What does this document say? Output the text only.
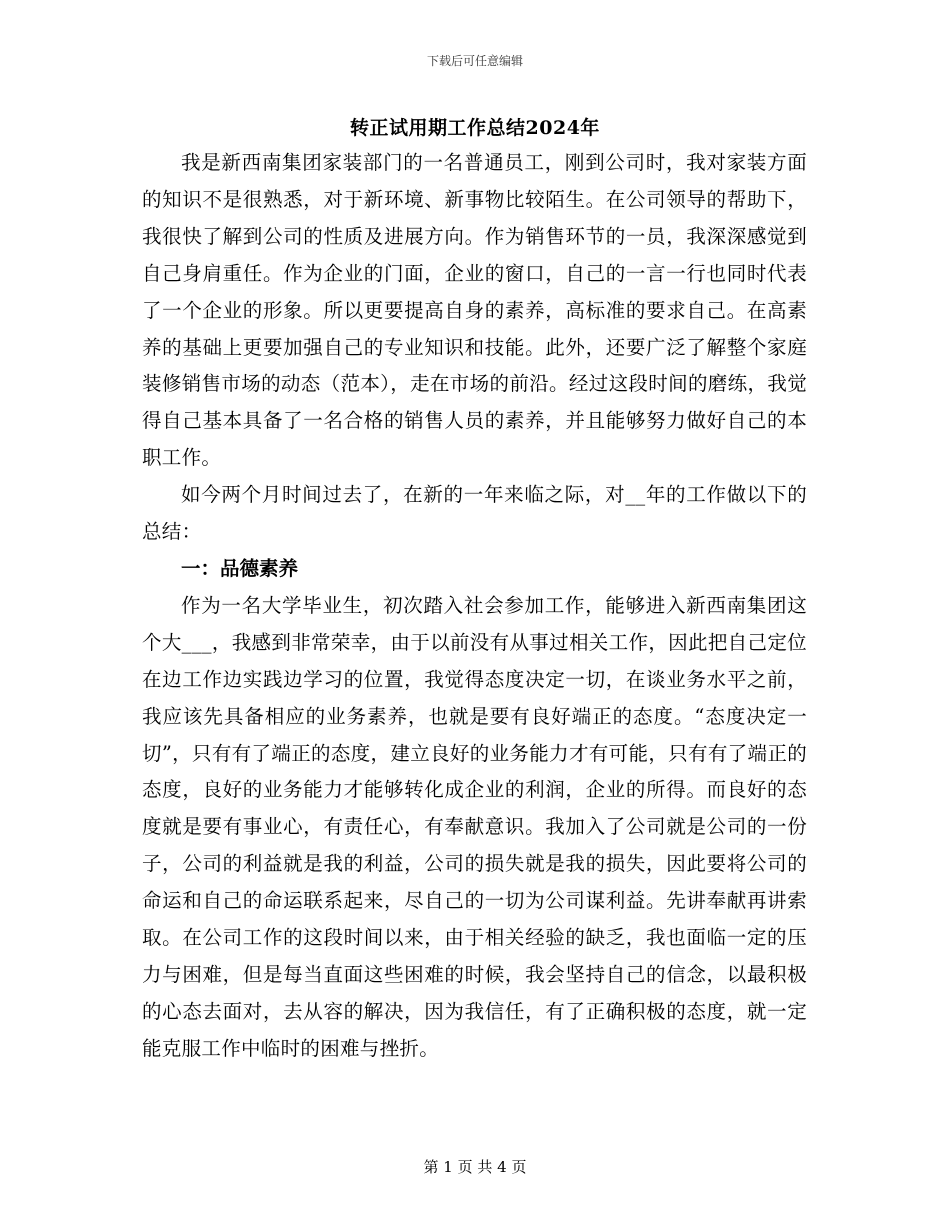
下载后可任意编辑
转正试用期工作总结2024年

我是新西南集团家装部门的一名普通员工，刚到公司时，我对家装方面的知识不是很熟悉，对于新环境、新事物比较陌生。在公司领导的帮助下，我很快了解到公司的性质及进展方向。作为销售环节的一员，我深深感觉到自己身肩重任。作为企业的门面，企业的窗口，自己的一言一行也同时代表了一个企业的形象。所以更要提高自身的素养，高标准的要求自己。在高素养的基础上更要加强自己的专业知识和技能。此外，还要广泛了解整个家庭装修销售市场的动态（范本），走在市场的前沿。经过这段时间的磨练，我觉得自己基本具备了一名合格的销售人员的素养，并且能够努力做好自己的本职工作。

如今两个月时间过去了，在新的一年来临之际，对__年的工作做以下的总结：

一：品德素养

作为一名大学毕业生，初次踏入社会参加工作，能够进入新西南集团这个大___，我感到非常荣幸，由于以前没有从事过相关工作，因此把自己定位在边工作边实践边学习的位置，我觉得态度决定一切，在谈业务水平之前，我应该先具备相应的业务素养，也就是要有良好端正的态度。“态度决定一切”，只有有了端正的态度，建立良好的业务能力才有可能，只有有了端正的态度，良好的业务能力才能够转化成企业的利润，企业的所得。而良好的态度就是要有事业心，有责任心，有奉献意识。我加入了公司就是公司的一份子，公司的利益就是我的利益，公司的损失就是我的损失，因此要将公司的命运和自己的命运联系起来，尽自己的一切为公司谋利益。先讲奉献再讲索取。在公司工作的这段时间以来，由于相关经验的缺乏，我也面临一定的压力与困难，但是每当直面这些困难的时候，我会坚持自己的信念，以最积极的心态去面对，去从容的解决，因为我信任，有了正确积极的态度，就一定能克服工作中临时的困难与挫折。

第 1 页 共 4 页
